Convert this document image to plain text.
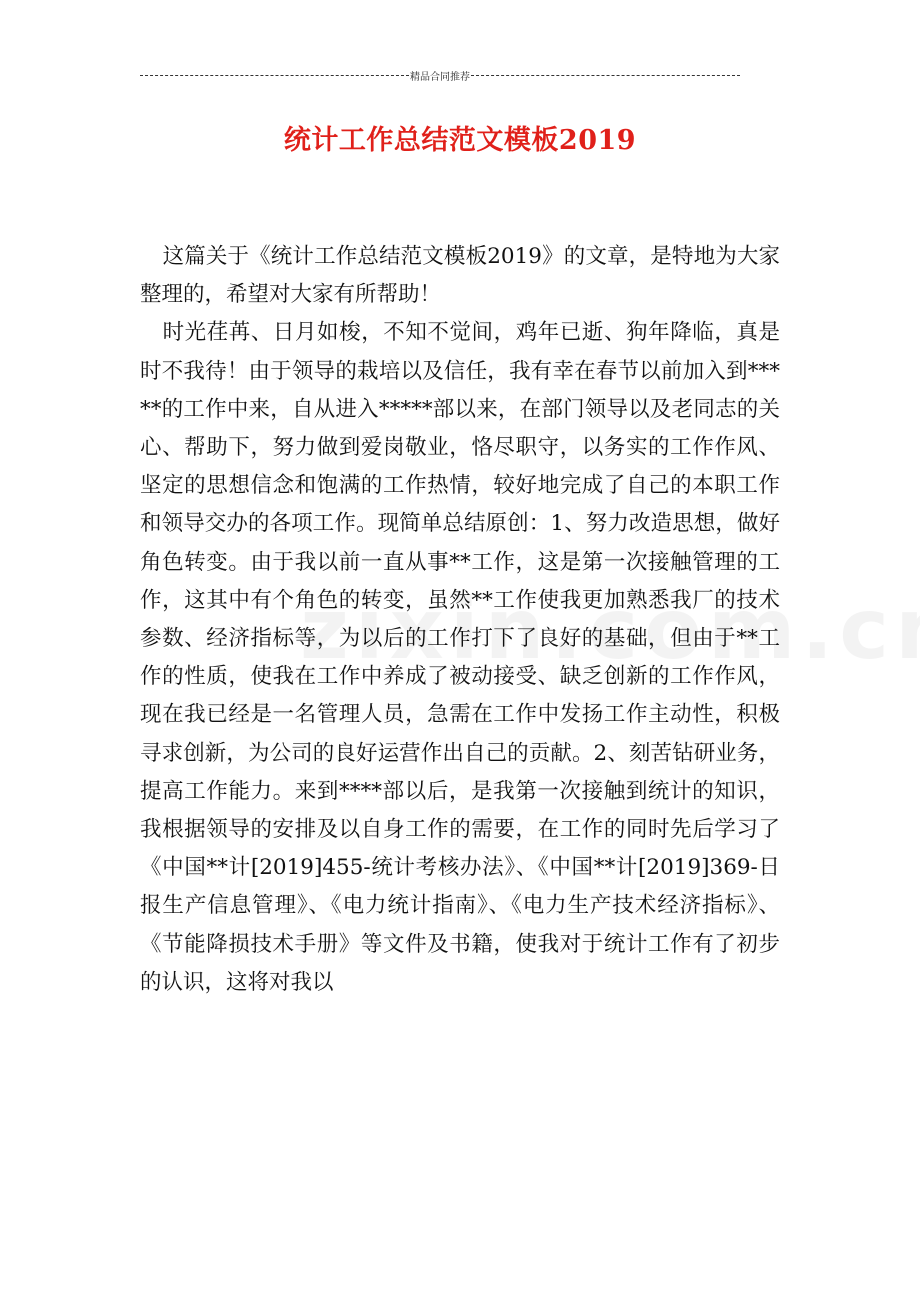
精品合同推荐
统计工作总结范文模板2019

这篇关于《统计工作总结范文模板2019》的文章，是特地为大家整理的，希望对大家有所帮助！

时光荏苒、日月如梭，不知不觉间，鸡年已逝、狗年降临，真是时不我待！由于领导的栽培以及信任，我有幸在春节以前加入到*****的工作中来，自从进入*****部以来，在部门领导以及老同志的关心、帮助下，努力做到爱岗敬业，恪尽职守，以务实的工作作风、坚定的思想信念和饱满的工作热情，较好地完成了自己的本职工作和领导交办的各项工作。现简单总结原创：1、努力改造思想，做好角色转变。由于我以前一直从事**工作，这是第一次接触管理的工作，这其中有个角色的转变，虽然**工作使我更加熟悉我厂的技术参数、经济指标等，为以后的工作打下了良好的基础，但由于**工作的性质，使我在工作中养成了被动接受、缺乏创新的工作作风，现在我已经是一名管理人员，急需在工作中发扬工作主动性，积极寻求创新，为公司的良好运营作出自己的贡献。2、刻苦钻研业务，提高工作能力。来到****部以后，是我第一次接触到统计的知识，我根据领导的安排及以自身工作的需要，在工作的同时先后学习了《中国**计[2019]455-统计考核办法》、《中国**计[2019]369-日报生产信息管理》、《电力统计指南》、《电力生产技术经济指标》、《节能降损技术手册》等文件及书籍，使我对于统计工作有了初步的认识，这将对我以
